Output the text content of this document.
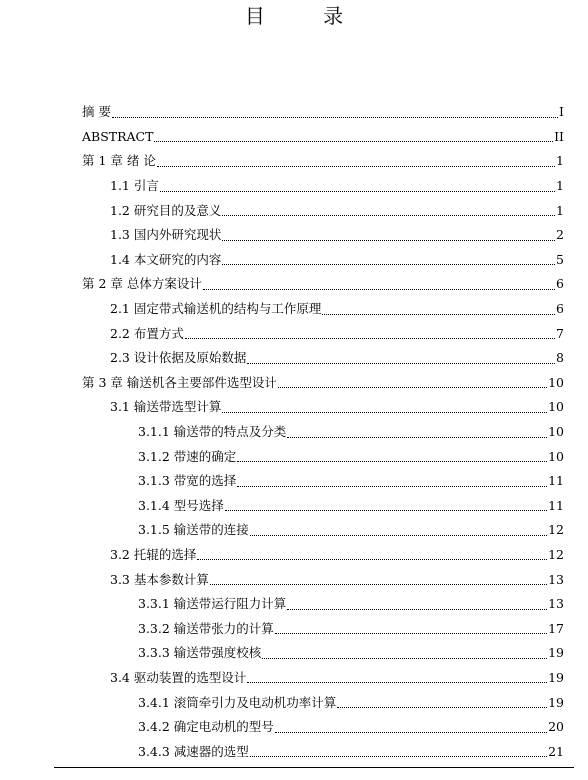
目 录
摘 要	I
ABSTRACT	II
第 1 章 绪 论	1
1.1 引言	1
1.2 研究目的及意义	1
1.3 国内外研究现状	2
1.4 本文研究的内容	5
第 2 章 总体方案设计	6
2.1 固定带式输送机的结构与工作原理	6
2.2 布置方式	7
2.3 设计依据及原始数据	8
第 3 章 输送机各主要部件选型设计	10
3.1 输送带选型计算	10
3.1.1 输送带的特点及分类	10
3.1.2 带速的确定	10
3.1.3 带宽的选择	11
3.1.4 型号选择	11
3.1.5 输送带的连接	12
3.2 托辊的选择	12
3.3 基本参数计算	13
3.3.1 输送带运行阻力计算	13
3.3.2 输送带张力的计算	17
3.3.3 输送带强度校核	19
3.4 驱动装置的选型设计	19
3.4.1 滚筒牵引力及电动机功率计算	19
3.4.2 确定电动机的型号	20
3.4.3 减速器的选型	21
